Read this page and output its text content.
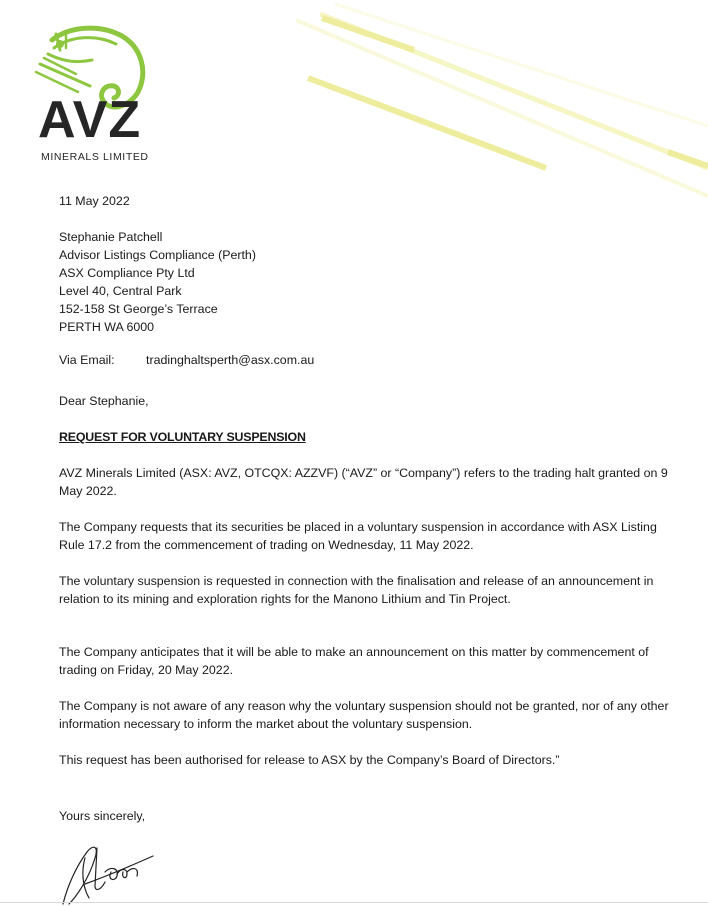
AVZ
MINERALS LIMITED
11 May 2022
Stephanie Patchell
Advisor Listings Compliance (Perth)
ASX Compliance Pty Ltd
Level 40, Central Park
152-158 St George’s Terrace
PERTH WA 6000
Via Email:	tradinghaltsperth@asx.com.au
Dear Stephanie,
REQUEST FOR VOLUNTARY SUSPENSION
AVZ Minerals Limited (ASX: AVZ, OTCQX: AZZVF) (“AVZ” or “Company”) refers to the trading halt granted on 9 May 2022.
The Company requests that its securities be placed in a voluntary suspension in accordance with ASX Listing Rule 17.2 from the commencement of trading on Wednesday, 11 May 2022.
The voluntary suspension is requested in connection with the finalisation and release of an announcement in relation to its mining and exploration rights for the Manono Lithium and Tin Project.
The Company anticipates that it will be able to make an announcement on this matter by commencement of trading on Friday, 20 May 2022.
The Company is not aware of any reason why the voluntary suspension should not be granted, nor of any other information necessary to inform the market about the voluntary suspension.
This request has been authorised for release to ASX by the Company’s Board of Directors.”
Yours sincerely,
